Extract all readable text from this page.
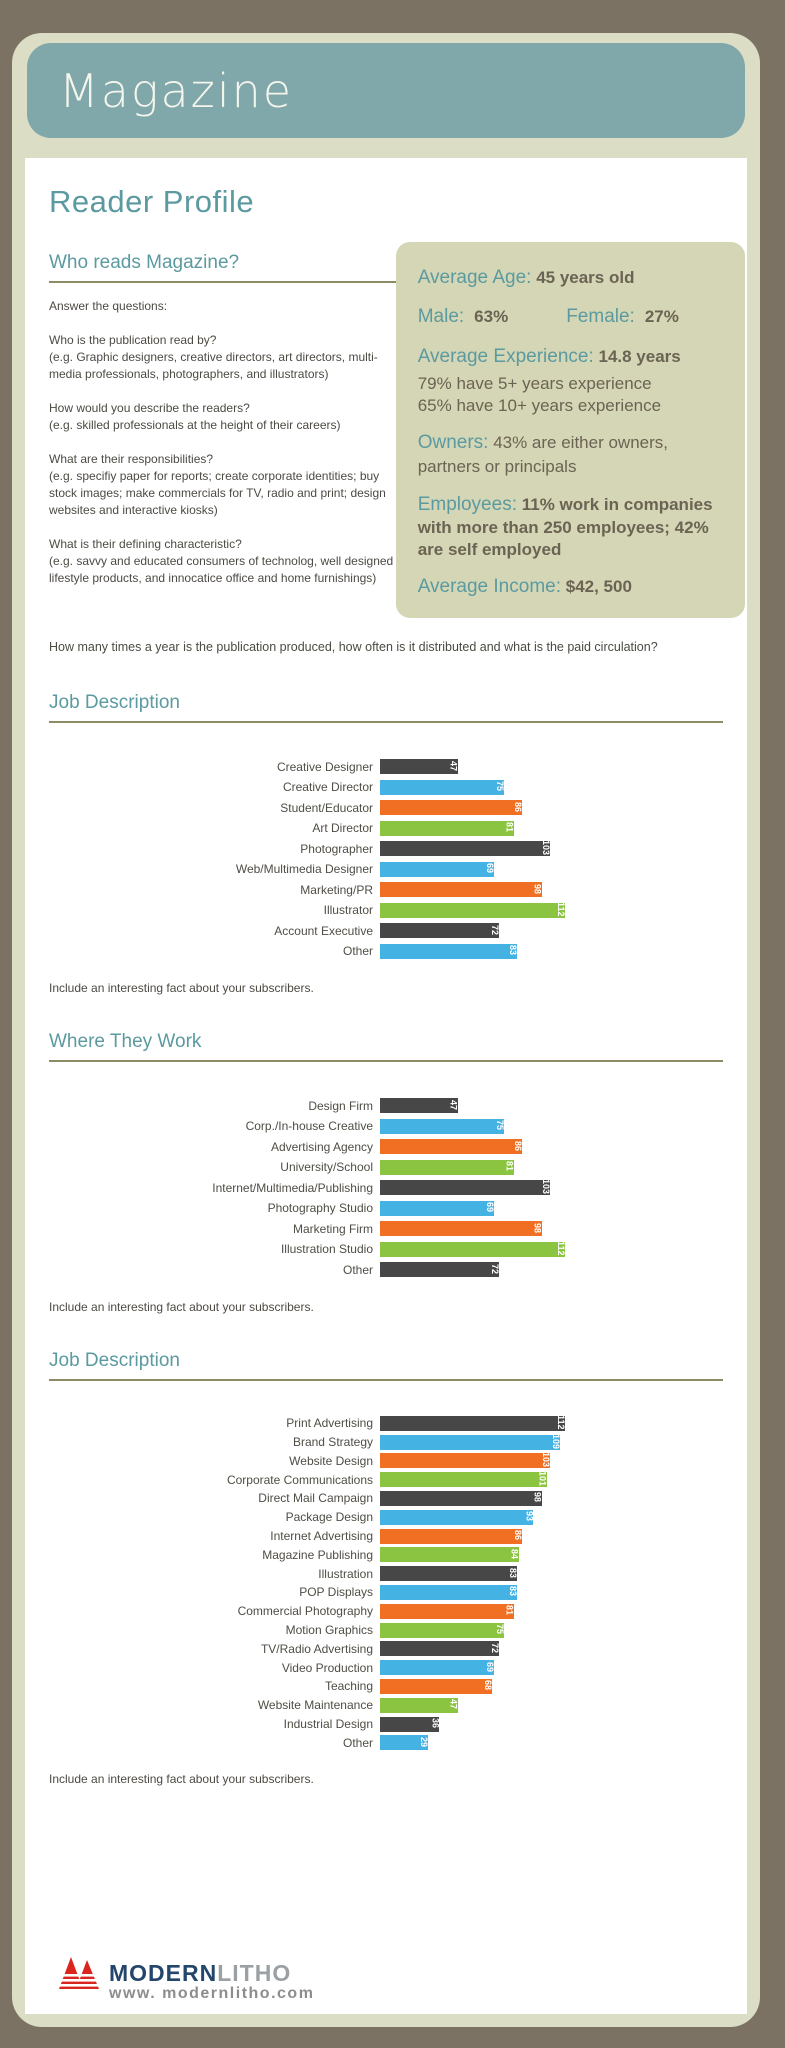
Magazine
Reader Profile
Who reads Magazine?

Answer the questions:

Who is the publication read by?

(e.g. Graphic designers, creative directors, art directors, multi-media professionals, photographers, and illustrators)

How would you describe the readers?

(e.g. skilled professionals at the height of their careers)

What are their responsibilities?

(e.g. specifiy paper for reports; create corporate identities; buy stock images; make commercials for TV, radio and print; design websites and interactive kiosks)

What is their defining characteristic?

(e.g. savvy and educated consumers of technolog, well designed lifestyle products, and innocatice office and home furnishings)

Average Age: 45 years old
Male: 63%	Female: 27%
Average Experience: 14.8 years
79% have 5+ years experience
65% have 10+ years experience
Owners: 43% are either owners, partners or principals
Employees: 11% work in companies with more than 250 employees; 42% are self employed
Average Income: $42, 500

How many times a year is the publication produced, how often is it distributed and what is the paid circulation?

Job Description
Creative Designer	47
Creative Director	75
Student/Educator	86
Art Director	81
Photographer	103
Web/Multimedia Designer	69
Marketing/PR	98
Illustrator	112
Account Executive	72
Other	83

Include an interesting fact about your subscribers.

Where They Work
Design Firm	47
Corp./In-house Creative	75
Advertising Agency	86
University/School	81
Internet/Multimedia/Publishing	103
Photography Studio	69
Marketing Firm	98
Illustration Studio	112
Other	72

Include an interesting fact about your subscribers.

Job Description
Print Advertising	112
Brand Strategy	109
Website Design	103
Corporate Communications	101
Direct Mail Campaign	98
Package Design	93
Internet Advertising	86
Magazine Publishing	84
Illustration	83
POP Displays	83
Commercial Photography	81
Motion Graphics	75
TV/Radio Advertising	72
Video Production	69
Teaching	68
Website Maintenance	47
Industrial Design	36
Other	29

Include an interesting fact about your subscribers.

MODERNLITHO
www. modernlitho.com
